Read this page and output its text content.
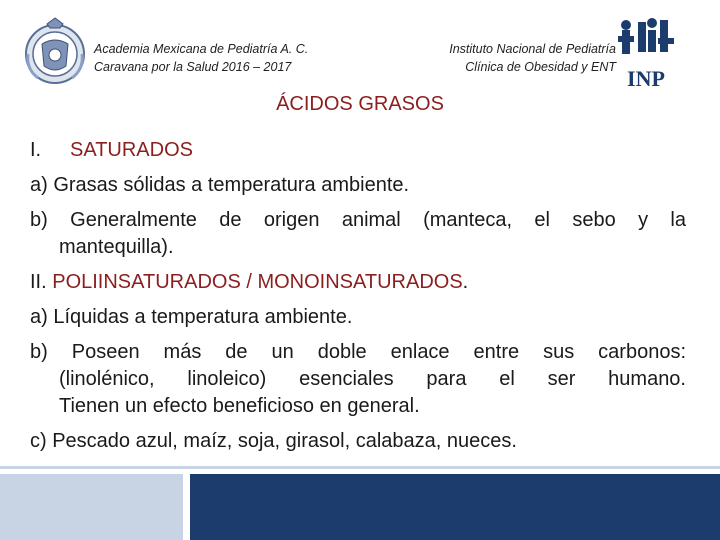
INP
Academia Mexicana de Pediatría A. C.
Caravana por la Salud 2016 – 2017
Instituto Nacional de Pediatría
Clínica de Obesidad y ENT
ÁCIDOS GRASOS

I. SATURADOS

a) Grasas sólidas a temperatura ambiente.

b) Generalmente de origen animal (manteca, el sebo y la

mantequilla).

II. POLIINSATURADOS / MONOINSATURADOS.

a) Líquidas a temperatura ambiente.

b) Poseen más de un doble enlace entre sus carbonos:

(linolénico, linoleico) esenciales para el ser humano.

Tienen un efecto beneficioso en general.

c) Pescado azul, maíz, soja, girasol, calabaza, nueces.
